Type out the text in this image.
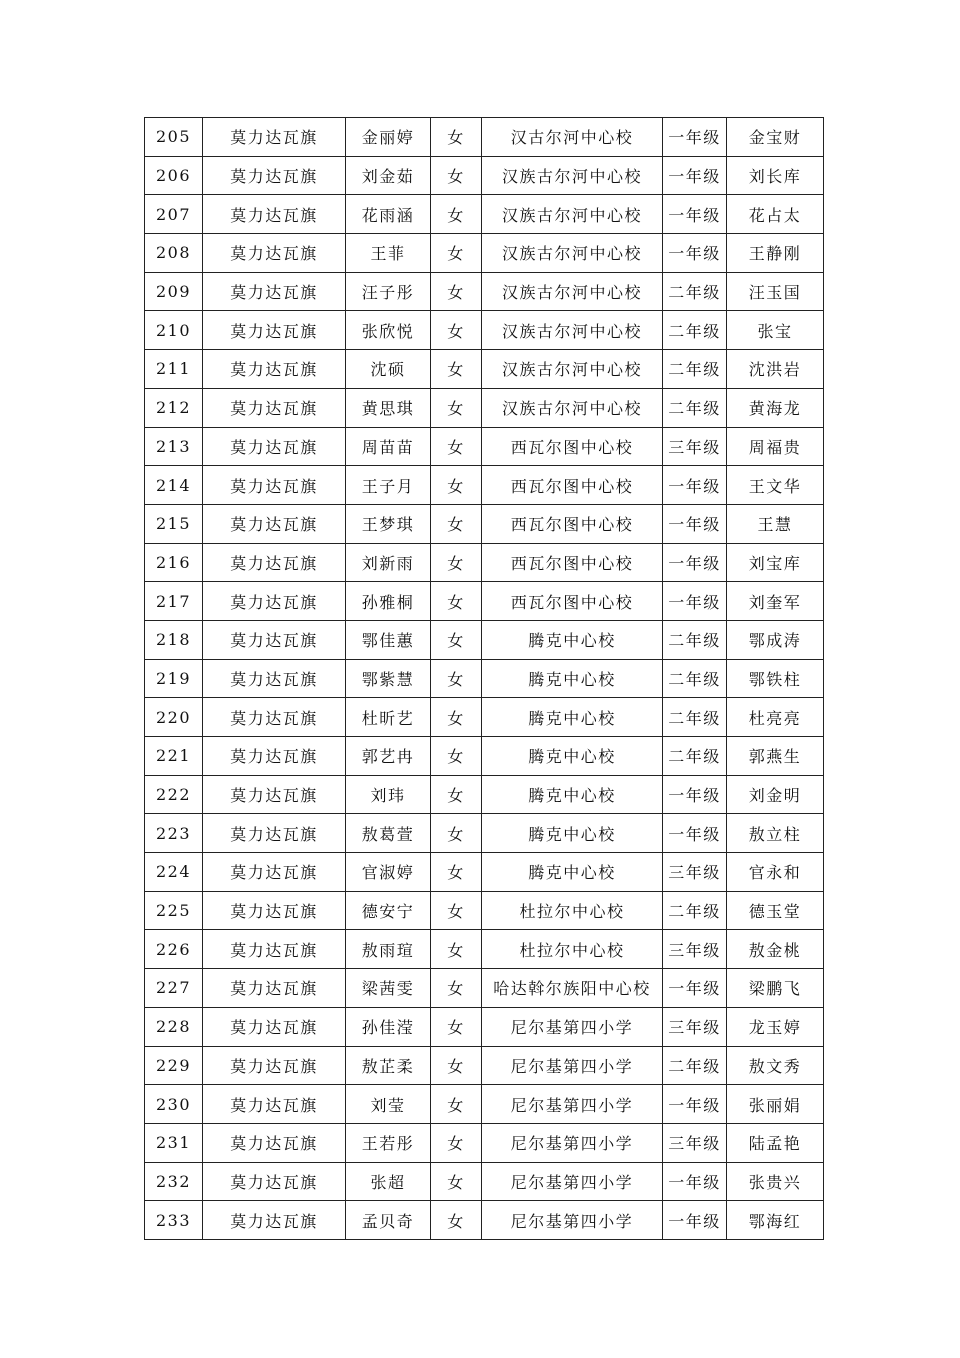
205	莫力达瓦旗	金丽婷	女	汉古尔河中心校	一年级	金宝财
206	莫力达瓦旗	刘金茹	女	汉族古尔河中心校	一年级	刘长库
207	莫力达瓦旗	花雨涵	女	汉族古尔河中心校	一年级	花占太
208	莫力达瓦旗	王菲	女	汉族古尔河中心校	一年级	王静刚
209	莫力达瓦旗	汪子彤	女	汉族古尔河中心校	二年级	汪玉国
210	莫力达瓦旗	张欣悦	女	汉族古尔河中心校	二年级	张宝
211	莫力达瓦旗	沈硕	女	汉族古尔河中心校	二年级	沈洪岩
212	莫力达瓦旗	黄思琪	女	汉族古尔河中心校	二年级	黄海龙
213	莫力达瓦旗	周苗苗	女	西瓦尔图中心校	三年级	周福贵
214	莫力达瓦旗	王子月	女	西瓦尔图中心校	一年级	王文华
215	莫力达瓦旗	王梦琪	女	西瓦尔图中心校	一年级	王慧
216	莫力达瓦旗	刘新雨	女	西瓦尔图中心校	一年级	刘宝库
217	莫力达瓦旗	孙雅桐	女	西瓦尔图中心校	一年级	刘奎军
218	莫力达瓦旗	鄂佳蕙	女	腾克中心校	二年级	鄂成涛
219	莫力达瓦旗	鄂紫慧	女	腾克中心校	二年级	鄂铁柱
220	莫力达瓦旗	杜昕艺	女	腾克中心校	二年级	杜亮亮
221	莫力达瓦旗	郭艺冉	女	腾克中心校	二年级	郭燕生
222	莫力达瓦旗	刘玮	女	腾克中心校	一年级	刘金明
223	莫力达瓦旗	敖葛萱	女	腾克中心校	一年级	敖立柱
224	莫力达瓦旗	官淑婷	女	腾克中心校	三年级	官永和
225	莫力达瓦旗	德安宁	女	杜拉尔中心校	二年级	德玉堂
226	莫力达瓦旗	敖雨瑄	女	杜拉尔中心校	三年级	敖金桃
227	莫力达瓦旗	梁茜雯	女	哈达斡尔族阳中心校	一年级	梁鹏飞
228	莫力达瓦旗	孙佳滢	女	尼尔基第四小学	三年级	龙玉婷
229	莫力达瓦旗	敖芷柔	女	尼尔基第四小学	二年级	敖文秀
230	莫力达瓦旗	刘莹	女	尼尔基第四小学	一年级	张丽娟
231	莫力达瓦旗	王若彤	女	尼尔基第四小学	三年级	陆孟艳
232	莫力达瓦旗	张超	女	尼尔基第四小学	一年级	张贵兴
233	莫力达瓦旗	孟贝奇	女	尼尔基第四小学	一年级	鄂海红
